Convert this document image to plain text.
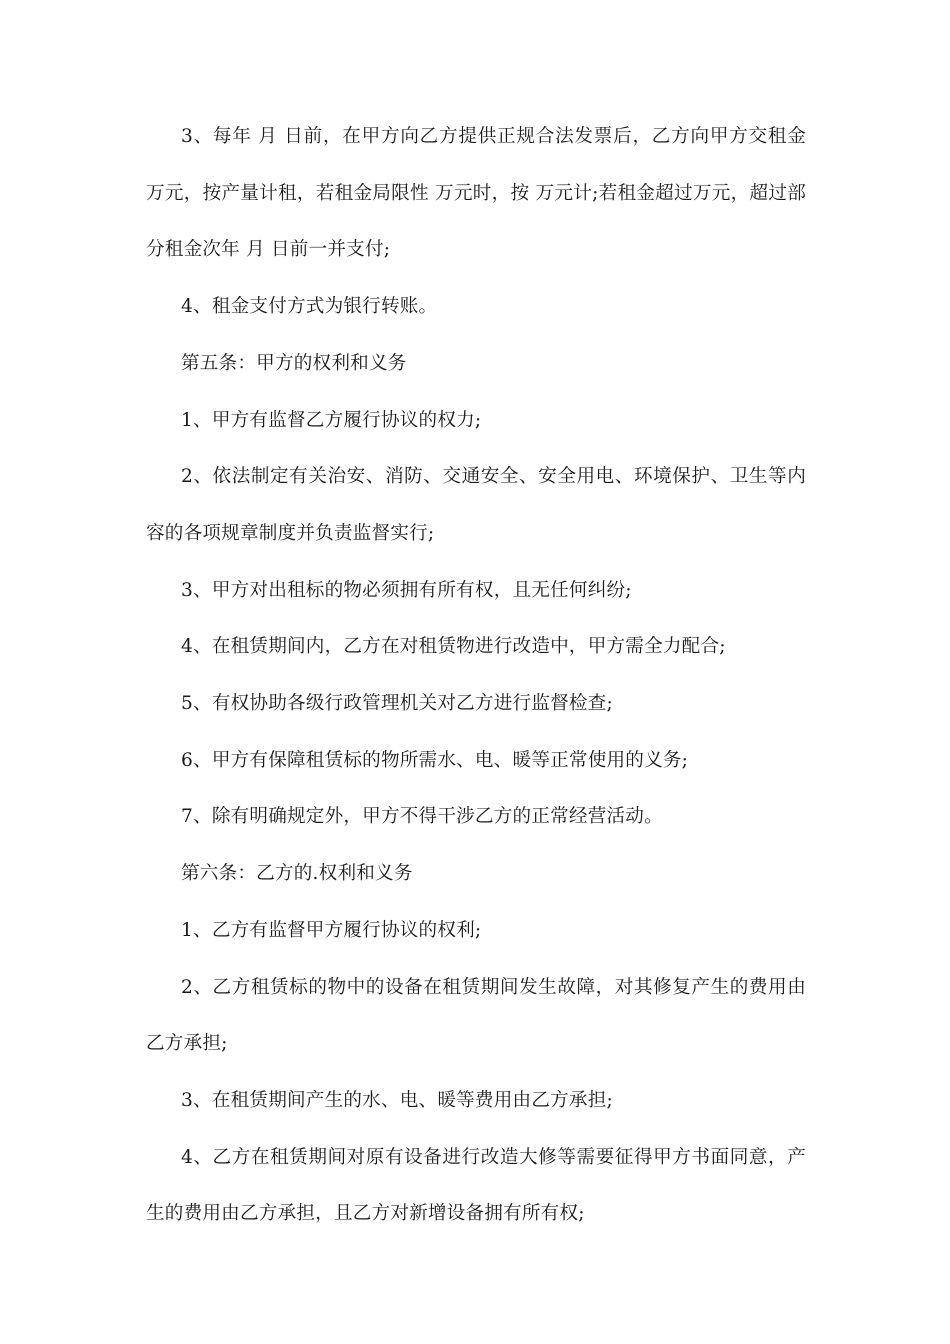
3、每年 月 日前，在甲方向乙方提供正规合法发票后，乙方向甲方交租金 万元，按产量计租，若租金局限性 万元时，按 万元计;若租金超过万元，超过部分租金次年 月 日前一并支付;

4、租金支付方式为银行转账。

第五条：甲方的权利和义务

1、甲方有监督乙方履行协议的权力;

2、依法制定有关治安、消防、交通安全、安全用电、环境保护、卫生等内容的各项规章制度并负责监督实行;

3、甲方对出租标的物必须拥有所有权，且无任何纠纷;

4、在租赁期间内，乙方在对租赁物进行改造中，甲方需全力配合;

5、有权协助各级行政管理机关对乙方进行监督检查;

6、甲方有保障租赁标的物所需水、电、暖等正常使用的义务;

7、除有明确规定外，甲方不得干涉乙方的正常经营活动。

第六条：乙方的.权利和义务

1、乙方有监督甲方履行协议的权利;

2、乙方租赁标的物中的设备在租赁期间发生故障，对其修复产生的费用由乙方承担;

3、在租赁期间产生的水、电、暖等费用由乙方承担;

4、乙方在租赁期间对原有设备进行改造大修等需要征得甲方书面同意，产生的费用由乙方承担，且乙方对新增设备拥有所有权;
